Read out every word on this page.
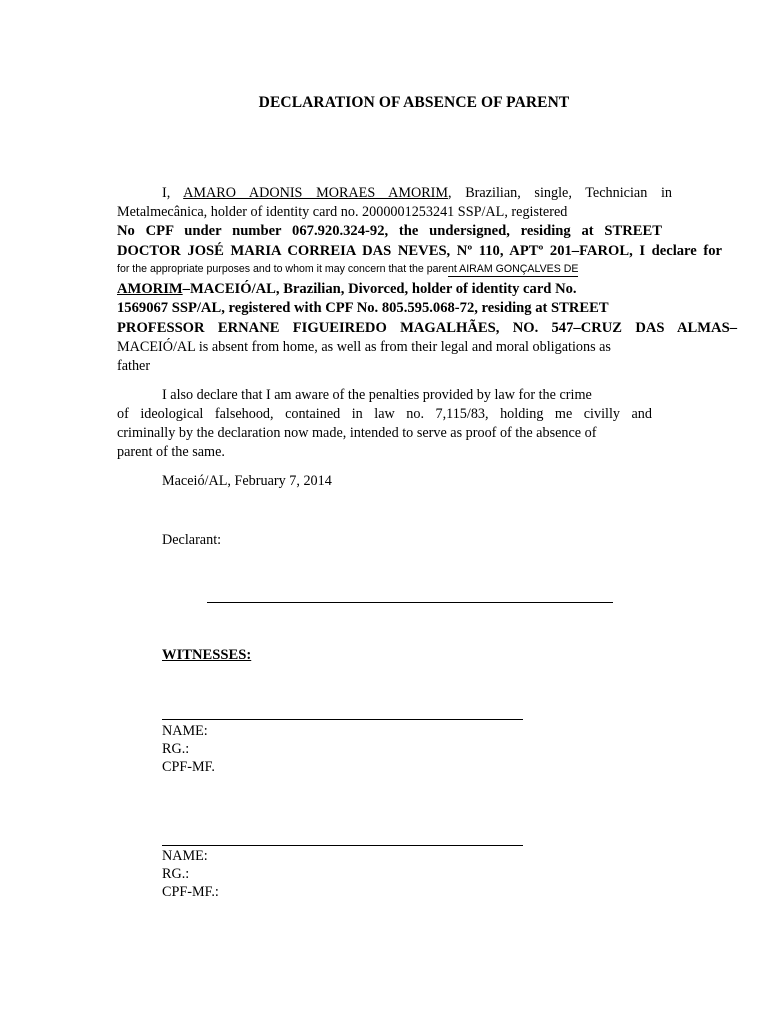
DECLARATION OF ABSENCE OF PARENT
I, AMARO ADONIS MORAES AMORIM, Brazilian, single, Technician in
Metalmecânica, holder of identity card no. 2000001253241 SSP/AL, registered
No CPF under number 067.920.324-92, the undersigned, residing at STREET
DOCTOR JOSÉ MARIA CORREIA DAS NEVES, Nº 110, APTº 201–FAROL, I declare for
for the appropriate purposes and to whom it may concern that the parent AIRAM GONÇALVES DE
AMORIM–MACEIÓ/AL, Brazilian, Divorced, holder of identity card No.
1569067 SSP/AL, registered with CPF No. 805.595.068-72, residing at STREET
PROFESSOR ERNANE FIGUEIREDO MAGALHÃES, NO. 547–CRUZ DAS ALMAS–
MACEIÓ/AL is absent from home, as well as from their legal and moral obligations as
father
I also declare that I am aware of the penalties provided by law for the crime
of ideological falsehood, contained in law no. 7,115/83, holding me civilly and
criminally by the declaration now made, intended to serve as proof of the absence of
parent of the same.
Maceió/AL, February 7, 2014
Declarant:
WITNESSES:
NAME:
RG.:
CPF-MF.
NAME:
RG.:
CPF-MF.:
